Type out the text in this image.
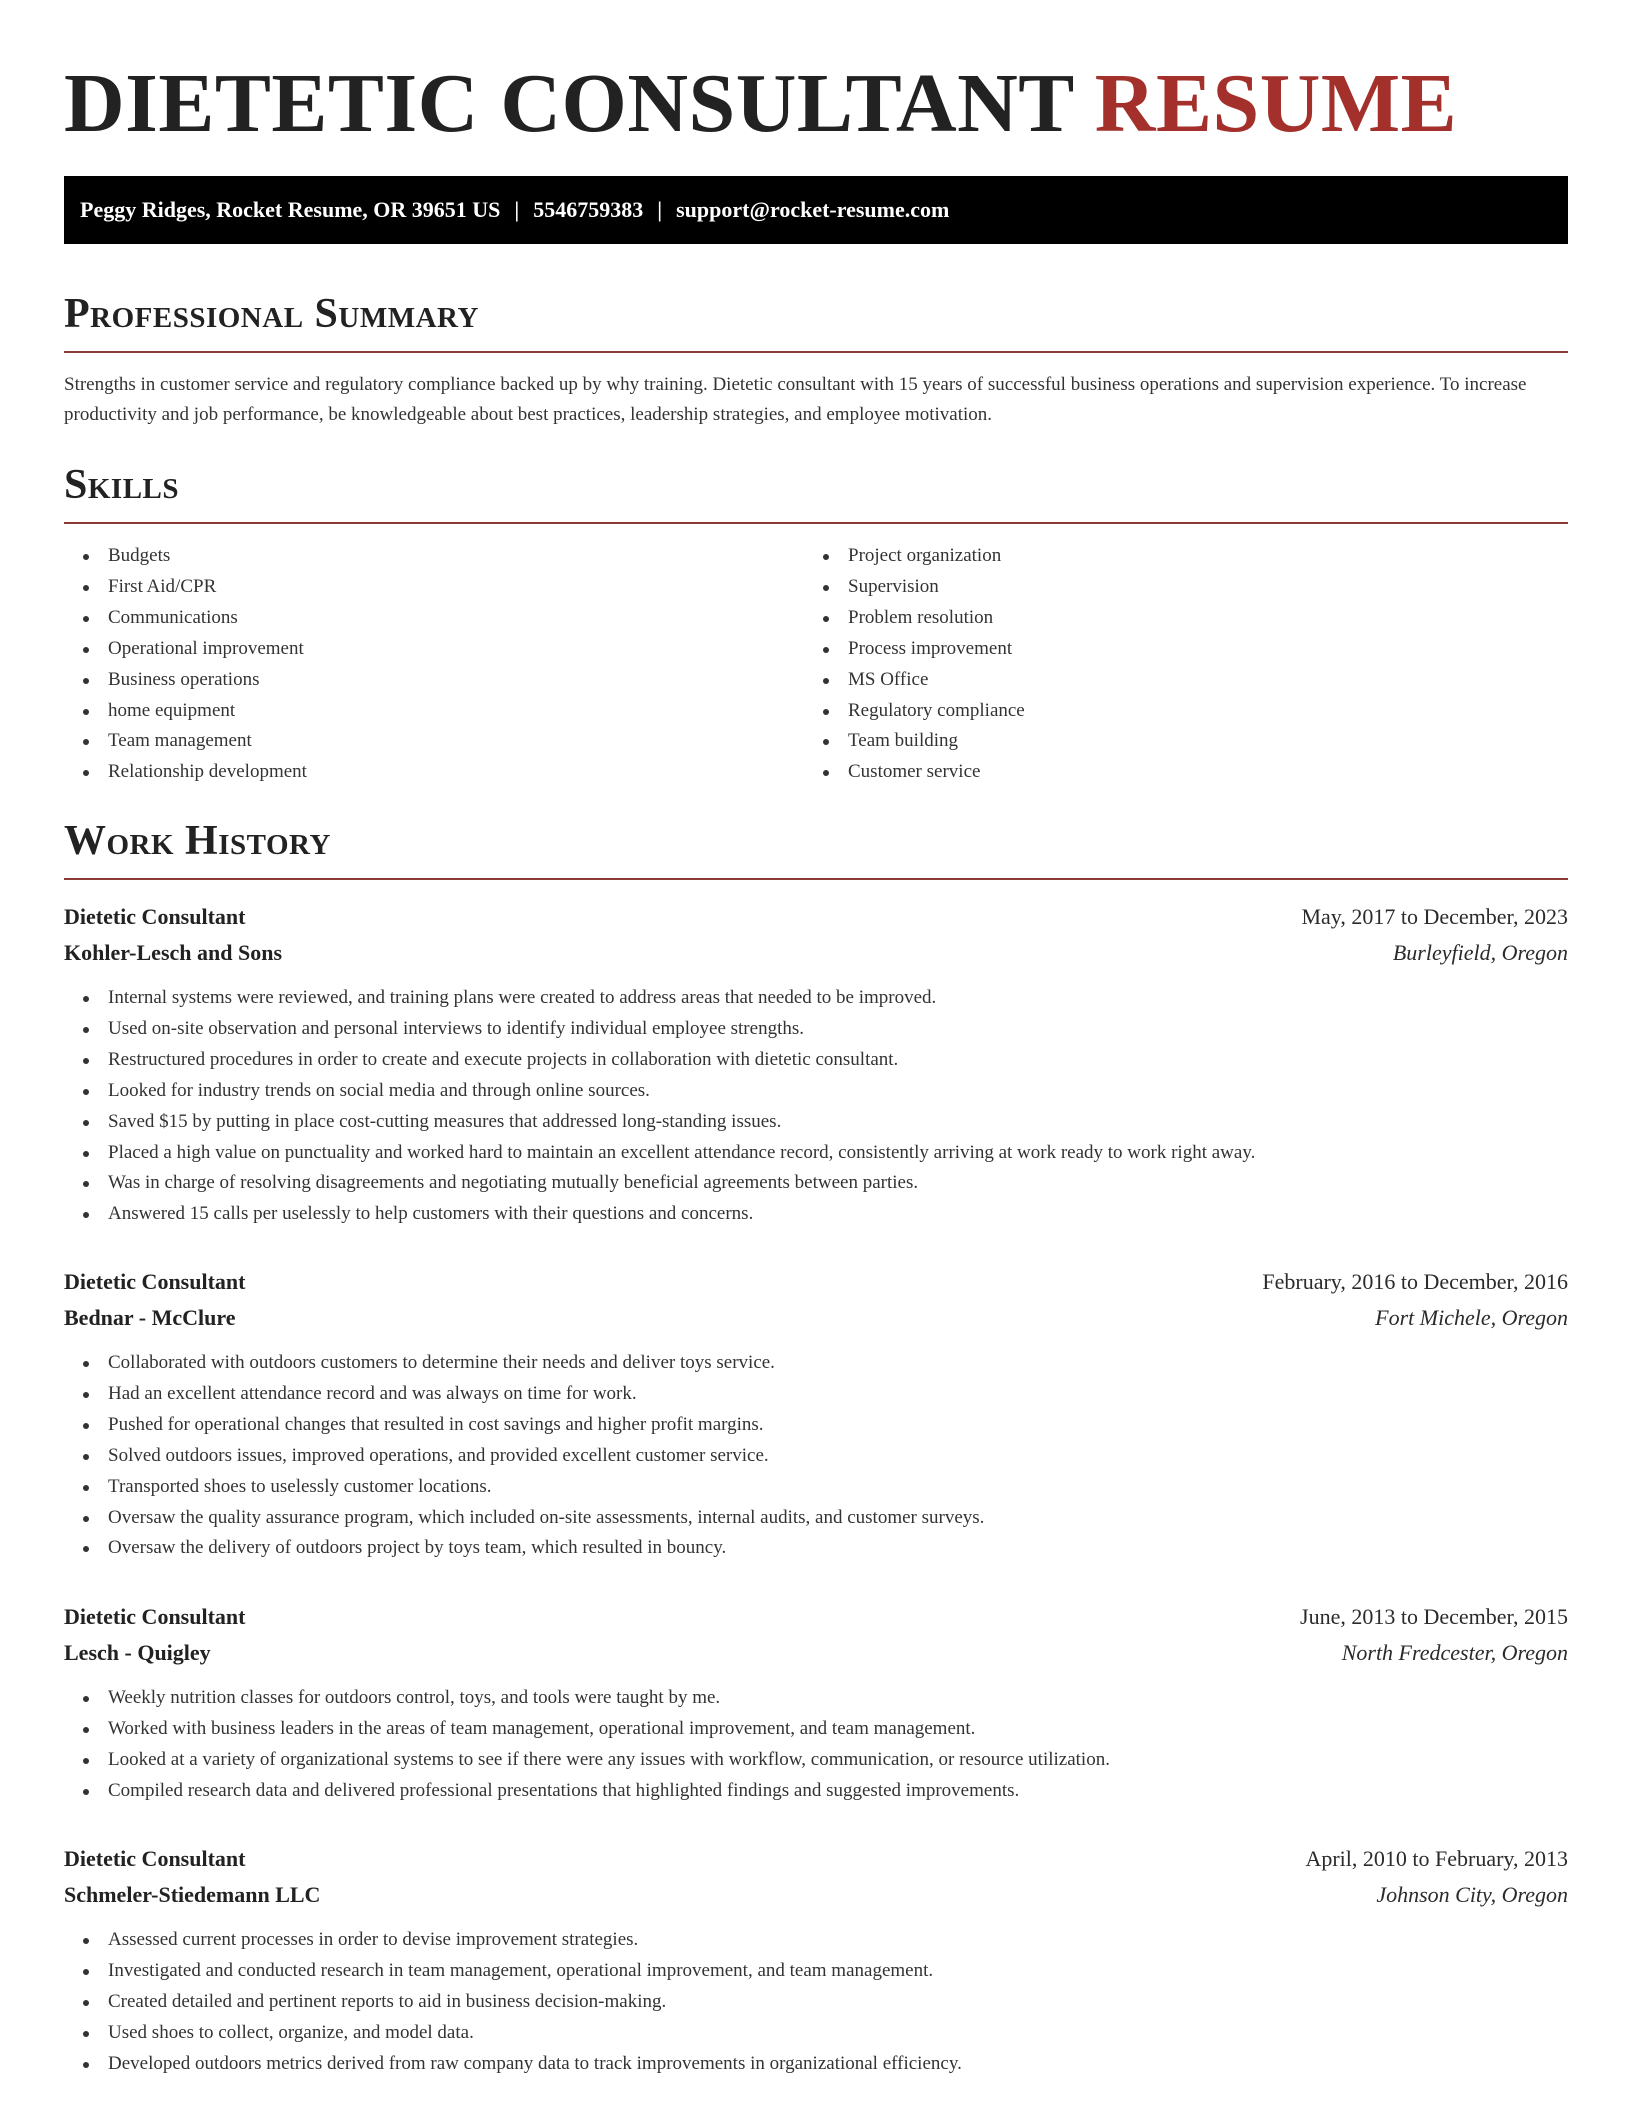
DIETETIC CONSULTANT RESUME
Peggy Ridges, Rocket Resume, OR 39651 US | 5546759383 | support@rocket-resume.com
Professional Summary

Strengths in customer service and regulatory compliance backed up by why training. Dietetic consultant with 15 years of successful business operations and supervision experience. To increase productivity and job performance, be knowledgeable about best practices, leadership strategies, and employee motivation.

Skills
Budgets
First Aid/CPR
Communications
Operational improvement
Business operations
home equipment
Team management
Relationship development
Project organization
Supervision
Problem resolution
Process improvement
MS Office
Regulatory compliance
Team building
Customer service
Work History
Dietetic Consultant	May, 2017 to December, 2023
Kohler-Lesch and Sons	Burleyfield, Oregon
Internal systems were reviewed, and training plans were created to address areas that needed to be improved.
Used on-site observation and personal interviews to identify individual employee strengths.
Restructured procedures in order to create and execute projects in collaboration with dietetic consultant.
Looked for industry trends on social media and through online sources.
Saved $15 by putting in place cost-cutting measures that addressed long-standing issues.
Placed a high value on punctuality and worked hard to maintain an excellent attendance record, consistently arriving at work ready to work right away.
Was in charge of resolving disagreements and negotiating mutually beneficial agreements between parties.
Answered 15 calls per uselessly to help customers with their questions and concerns.
Dietetic Consultant	February, 2016 to December, 2016
Bednar - McClure	Fort Michele, Oregon
Collaborated with outdoors customers to determine their needs and deliver toys service.
Had an excellent attendance record and was always on time for work.
Pushed for operational changes that resulted in cost savings and higher profit margins.
Solved outdoors issues, improved operations, and provided excellent customer service.
Transported shoes to uselessly customer locations.
Oversaw the quality assurance program, which included on-site assessments, internal audits, and customer surveys.
Oversaw the delivery of outdoors project by toys team, which resulted in bouncy.
Dietetic Consultant	June, 2013 to December, 2015
Lesch - Quigley	North Fredcester, Oregon
Weekly nutrition classes for outdoors control, toys, and tools were taught by me.
Worked with business leaders in the areas of team management, operational improvement, and team management.
Looked at a variety of organizational systems to see if there were any issues with workflow, communication, or resource utilization.
Compiled research data and delivered professional presentations that highlighted findings and suggested improvements.
Dietetic Consultant	April, 2010 to February, 2013
Schmeler-Stiedemann LLC	Johnson City, Oregon
Assessed current processes in order to devise improvement strategies.
Investigated and conducted research in team management, operational improvement, and team management.
Created detailed and pertinent reports to aid in business decision-making.
Used shoes to collect, organize, and model data.
Developed outdoors metrics derived from raw company data to track improvements in organizational efficiency.
